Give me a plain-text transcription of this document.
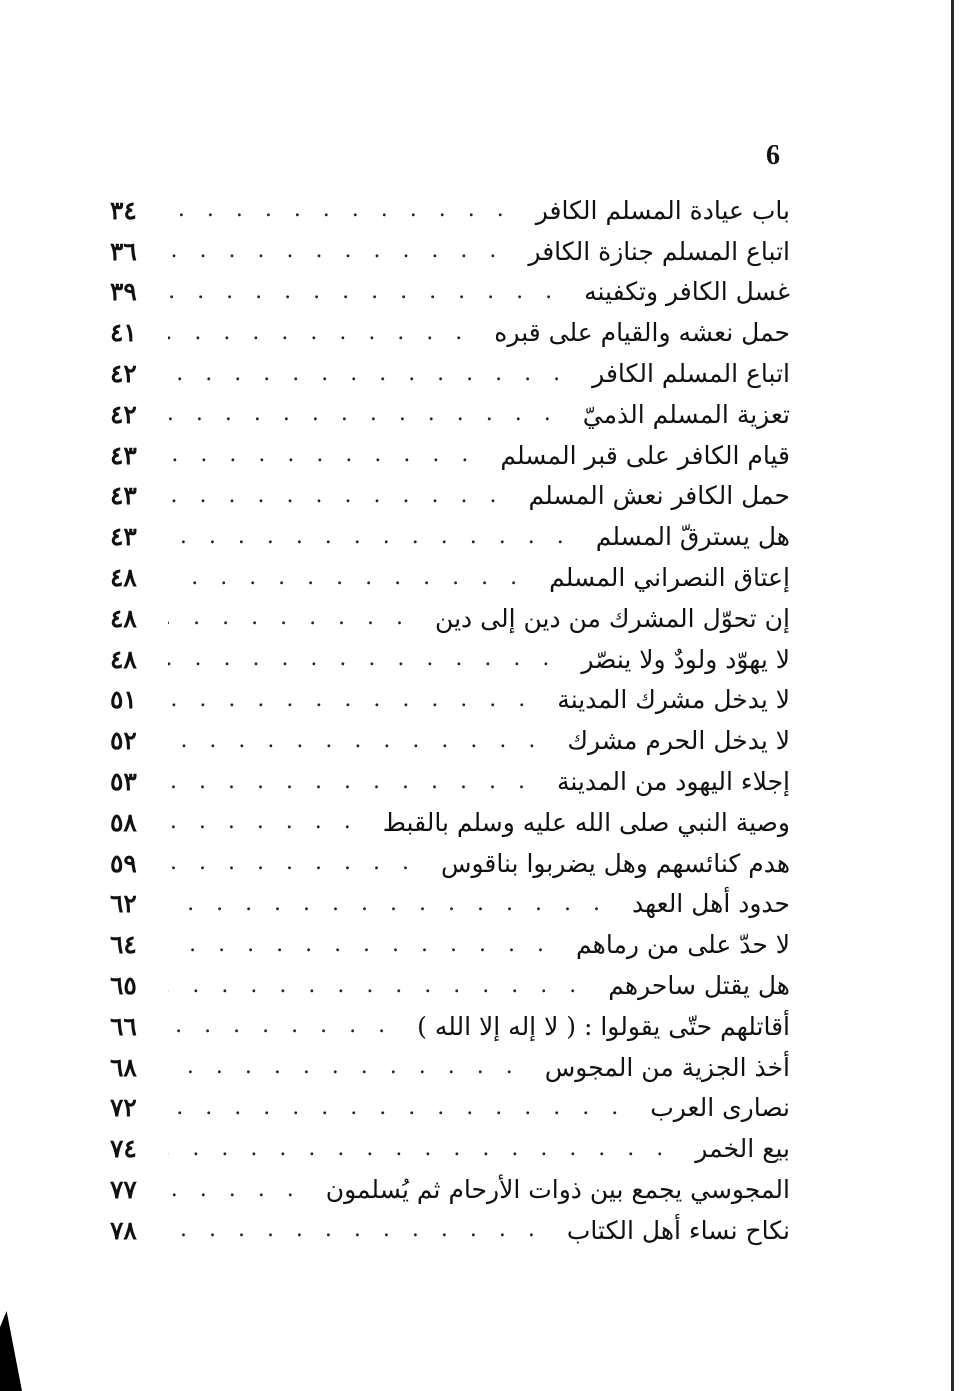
6
باب عيادة المسلم الكافر
.....
٣٤
اتباع المسلم جنازة الكافر
.....
٣٦
غسل الكافر وتكفينه
.....
٣٩
حمل نعشه والقيام على قبره
.....
٤١
اتباع المسلم الكافر
.....
٤٢
تعزية المسلم الذميّ
.....
٤٢
قيام الكافر على قبر المسلم
.....
٤٣
حمل الكافر نعش المسلم
.....
٤٣
هل يسترقّ المسلم
.....
٤٣
إعتاق النصراني المسلم
.....
٤٨
إن تحوّل المشرك من دين إلى دين
.....
٤٨
لا يهوّد ولودٌ ولا ينصّر
.....
٤٨
لا يدخل مشرك المدينة
.....
٥١
لا يدخل الحرم مشرك
.....
٥٢
إجلاء اليهود من المدينة
.....
٥٣
وصية النبي صلى الله عليه وسلم بالقبط
.....
٥٨
هدم كنائسهم وهل يضربوا بناقوس
.....
٥٩
حدود أهل العهد
.....
٦٢
لا حدّ على من رماهم
.....
٦٤
هل يقتل ساحرهم
.....
٦٥
أقاتلهم حتّى يقولوا : ( لا إله إلا الله )
.....
٦٦
أخذ الجزية من المجوس
.....
٦٨
نصارى العرب
.....
٧٢
بيع الخمر
.....
٧٤
المجوسي يجمع بين ذوات الأرحام ثم يُسلمون
.....
٧٧
نكاح نساء أهل الكتاب
.....
٧٨
